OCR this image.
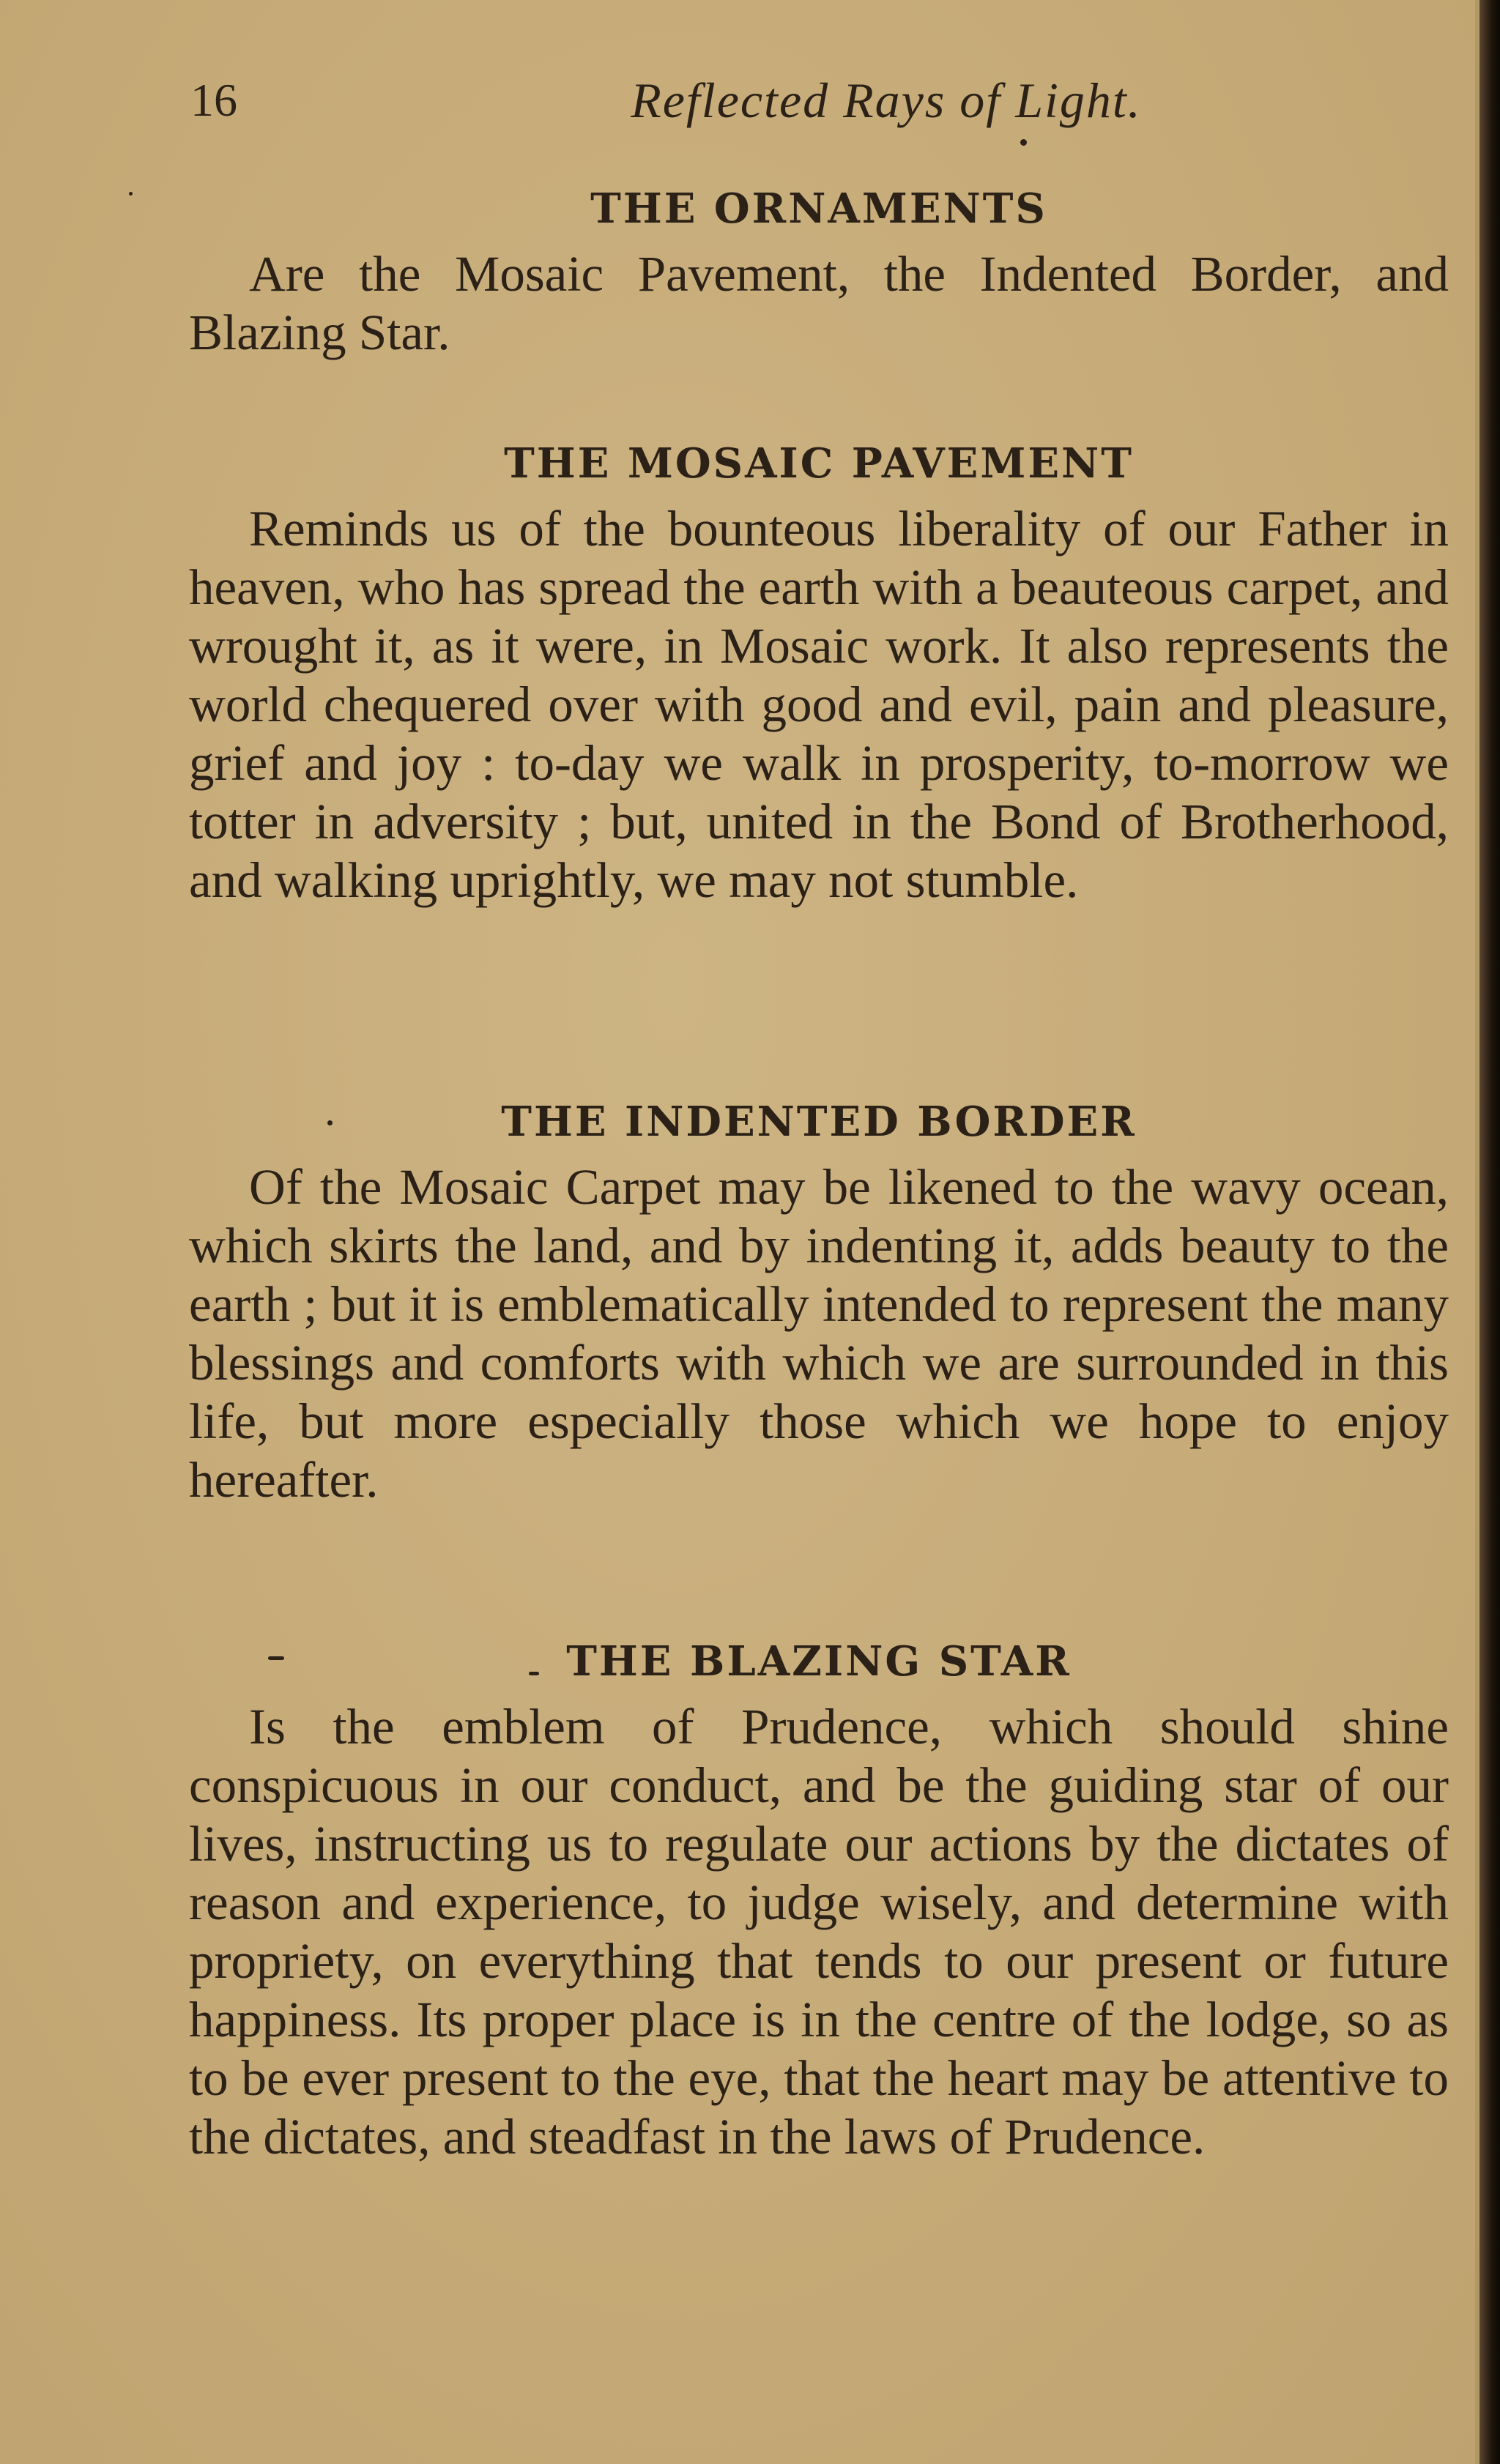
16	Reflected Rays of Light.
THE ORNAMENTS

Are the Mosaic Pavement, the Indented Border, and Blazing Star.

THE MOSAIC PAVEMENT

Reminds us of the bounteous liberality of our Father in heaven, who has spread the earth with a beauteous carpet, and wrought it, as it were, in Mosaic work. It also represents the world chequered over with good and evil, pain and pleasure, grief and joy : to-day we walk in prosperity, to-morrow we totter in adversity ; but, united in the Bond of Brotherhood, and walking uprightly, we may not stumble.

THE INDENTED BORDER

Of the Mosaic Carpet may be likened to the wavy ocean, which skirts the land, and by indenting it, adds beauty to the earth ; but it is emblematically intended to represent the many blessings and comforts with which we are surrounded in this life, but more especially those which we hope to enjoy hereafter.

THE BLAZING STAR

Is the emblem of Prudence, which should shine conspicuous in our conduct, and be the guiding star of our lives, instructing us to regulate our actions by the dictates of reason and experience, to judge wisely, and determine with propriety, on everything that tends to our present or future happiness. Its proper place is in the centre of the lodge, so as to be ever present to the eye, that the heart may be attentive to the dictates, and steadfast in the laws of Prudence.
